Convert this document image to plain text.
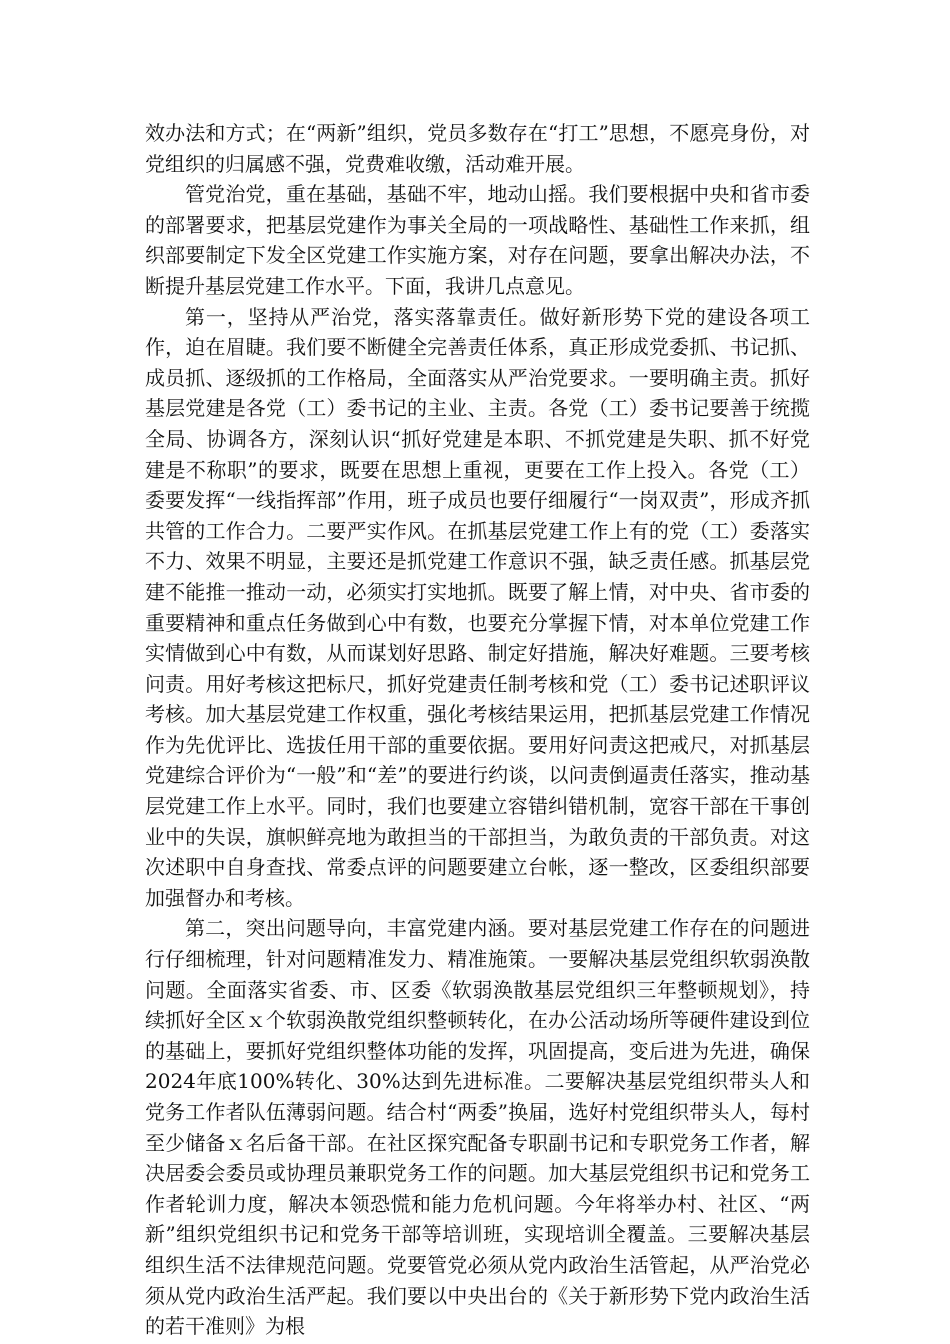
效办法和方式；在“两新”组织，党员多数存在“打工”思想，不愿亮身份，对党组织的归属感不强，党费难收缴，活动难开展。

管党治党，重在基础，基础不牢，地动山摇。我们要根据中央和省市委的部署要求，把基层党建作为事关全局的一项战略性、基础性工作来抓，组织部要制定下发全区党建工作实施方案，对存在问题，要拿出解决办法，不断提升基层党建工作水平。下面，我讲几点意见。

第一，坚持从严治党，落实落靠责任。做好新形势下党的建设各项工作，迫在眉睫。我们要不断健全完善责任体系，真正形成党委抓、书记抓、成员抓、逐级抓的工作格局，全面落实从严治党要求。一要明确主责。抓好基层党建是各党（工）委书记的主业、主责。各党（工）委书记要善于统揽全局、协调各方，深刻认识“抓好党建是本职、不抓党建是失职、抓不好党建是不称职”的要求，既要在思想上重视，更要在工作上投入。各党（工）委要发挥“一线指挥部”作用，班子成员也要仔细履行“一岗双责”，形成齐抓共管的工作合力。二要严实作风。在抓基层党建工作上有的党（工）委落实不力、效果不明显，主要还是抓党建工作意识不强，缺乏责任感。抓基层党建不能推一推动一动，必须实打实地抓。既要了解上情，对中央、省市委的重要精神和重点任务做到心中有数，也要充分掌握下情，对本单位党建工作实情做到心中有数，从而谋划好思路、制定好措施，解决好难题。三要考核问责。用好考核这把标尺，抓好党建责任制考核和党（工）委书记述职评议考核。加大基层党建工作权重，强化考核结果运用，把抓基层党建工作情况作为先优评比、选拔任用干部的重要依据。要用好问责这把戒尺，对抓基层党建综合评价为“一般”和“差”的要进行约谈，以问责倒逼责任落实，推动基层党建工作上水平。同时，我们也要建立容错纠错机制，宽容干部在干事创业中的失误，旗帜鲜亮地为敢担当的干部担当，为敢负责的干部负责。对这次述职中自身查找、常委点评的问题要建立台帐，逐一整改，区委组织部要加强督办和考核。

第二，突出问题导向，丰富党建内涵。要对基层党建工作存在的问题进行仔细梳理，针对问题精准发力、精准施策。一要解决基层党组织软弱涣散问题。全面落实省委、市、区委《软弱涣散基层党组织三年整顿规划》，持续抓好全区ｘ个软弱涣散党组织整顿转化，在办公活动场所等硬件建设到位的基础上，要抓好党组织整体功能的发挥，巩固提高，变后进为先进，确保2024年底100%转化、30%达到先进标准。二要解决基层党组织带头人和党务工作者队伍薄弱问题。结合村“两委”换届，选好村党组织带头人，每村至少储备ｘ名后备干部。在社区探究配备专职副书记和专职党务工作者，解决居委会委员或协理员兼职党务工作的问题。加大基层党组织书记和党务工作者轮训力度，解决本领恐慌和能力危机问题。今年将举办村、社区、“两新”组织党组织书记和党务干部等培训班，实现培训全覆盖。三要解决基层组织生活不法律规范问题。党要管党必须从党内政治生活管起，从严治党必须从党内政治生活严起。我们要以中央出台的《关于新形势下党内政治生活的若干准则》为根
